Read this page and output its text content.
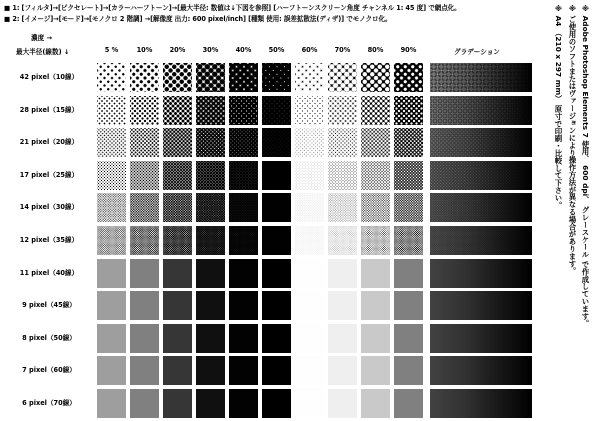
■ 1: [フィルタ]→[ピクセレート]→[カラーハーフトーン]→[最大半径: 数値は↓下図を参照] [ハーフトーンスクリーン角度 チャンネル 1: 45 度] で網点化。
■ 2: [イメージ]→[モード]→[モノクロ 2 階調] →[解像度 出力: 600 pixel/inch] [種類 使用: 誤差拡散法(ディザ)] でモノクロ化。
濃度 →
最大半径(線数) ↓	5 %	10%	20%	30%	40%	50%	60%	70%	80%	90%	グラデーション
42 pixel（10線）
28 pixel（15線）
21 pixel（20線）
17 pixel（25線）
14 pixel（30線）
12 pixel（35線）
11 pixel（40線）
9 pixel（45線）
8 pixel（50線）
7 pixel（60線）
6 pixel（70線）
※ Adobe Photoshop Elements 7 使用、 600 dpi、 グレースケール で作成しています。
※ ご使用のソフトまたはヴァージョンにより操作方法が異なる場合があります。
※ A4 （210 x 297 mm） 原寸で印刷・比較して下さい。
